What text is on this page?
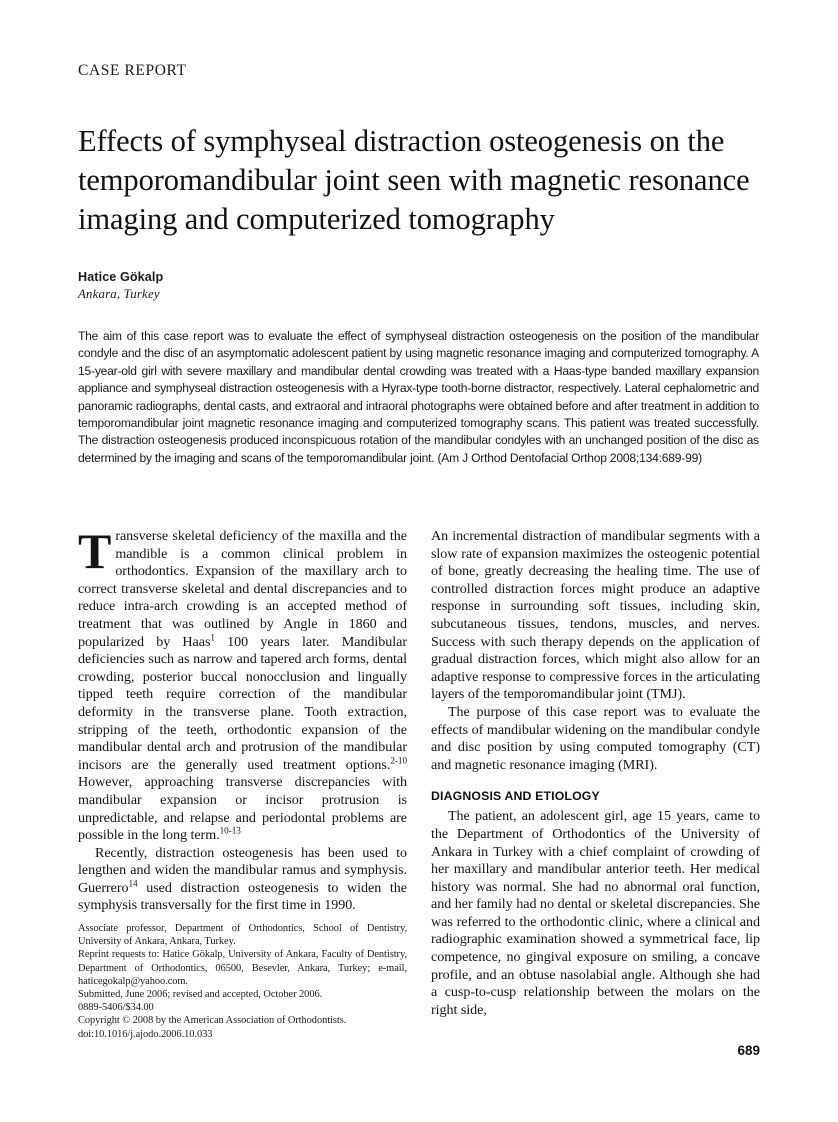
CASE REPORT
Effects of symphyseal distraction osteogenesis on the temporomandibular joint seen with magnetic resonance imaging and computerized tomography
Hatice Gökalp
Ankara, Turkey
The aim of this case report was to evaluate the effect of symphyseal distraction osteogenesis on the position of the mandibular condyle and the disc of an asymptomatic adolescent patient by using magnetic resonance imaging and computerized tomography. A 15-year-old girl with severe maxillary and mandibular dental crowding was treated with a Haas-type banded maxillary expansion appliance and symphyseal distraction osteogenesis with a Hyrax-type tooth-borne distractor, respectively. Lateral cephalometric and panoramic radiographs, dental casts, and extraoral and intraoral photographs were obtained before and after treatment in addition to temporomandibular joint magnetic resonance imaging and computerized tomography scans. This patient was treated successfully. The distraction osteogenesis produced inconspicuous rotation of the mandibular condyles with an unchanged position of the disc as determined by the imaging and scans of the temporomandibular joint. (Am J Orthod Dentofacial Orthop 2008;134:689-99)

Transverse skeletal deficiency of the maxilla and the mandible is a common clinical problem in orthodontics. Expansion of the maxillary arch to correct transverse skeletal and dental discrepancies and to reduce intra-arch crowding is an accepted method of treatment that was outlined by Angle in 1860 and popularized by Haas$^1$ 100 years later. Mandibular deficiencies such as narrow and tapered arch forms, dental crowding, posterior buccal nonocclusion and lingually tipped teeth require correction of the mandibular deformity in the transverse plane. Tooth extraction, stripping of the teeth, orthodontic expansion of the mandibular dental arch and protrusion of the mandibular incisors are the generally used treatment options.$^{2-10}$ However, approaching transverse discrepancies with mandibular expansion or incisor protrusion is unpredictable, and relapse and periodontal problems are possible in the long term.$^{10-13}$

Recently, distraction osteogenesis has been used to lengthen and widen the mandibular ramus and symphysis. Guerrero$^{14}$ used distraction osteogenesis to widen the symphysis transversally for the first time in 1990.

An incremental distraction of mandibular segments with a slow rate of expansion maximizes the osteogenic potential of bone, greatly decreasing the healing time. The use of controlled distraction forces might produce an adaptive response in surrounding soft tissues, including skin, subcutaneous tissues, tendons, muscles, and nerves. Success with such therapy depends on the application of gradual distraction forces, which might also allow for an adaptive response to compressive forces in the articulating layers of the temporomandibular joint (TMJ).

The purpose of this case report was to evaluate the effects of mandibular widening on the mandibular condyle and disc position by using computed tomography (CT) and magnetic resonance imaging (MRI).

DIAGNOSIS AND ETIOLOGY

The patient, an adolescent girl, age 15 years, came to the Department of Orthodontics of the University of Ankara in Turkey with a chief complaint of crowding of her maxillary and mandibular anterior teeth. Her medical history was normal. She had no abnormal oral function, and her family had no dental or skeletal discrepancies. She was referred to the orthodontic clinic, where a clinical and radiographic examination showed a symmetrical face, lip competence, no gingival exposure on smiling, a concave profile, and an obtuse nasolabial angle. Although she had a cusp-to-cusp relationship between the molars on the right side,

Associate professor, Department of Orthodontics, School of Dentistry, University of Ankara, Ankara, Turkey.

Reprint requests to: Hatice Gökalp, University of Ankara, Faculty of Dentistry, Department of Orthodontics, 06500, Besevler, Ankara, Turkey; e-mail, haticegokalp@yahoo.com.

Submitted, June 2006; revised and accepted, October 2006.

0889-5406/$34.00

Copyright © 2008 by the American Association of Orthodontists.

doi:10.1016/j.ajodo.2006.10.033

689
